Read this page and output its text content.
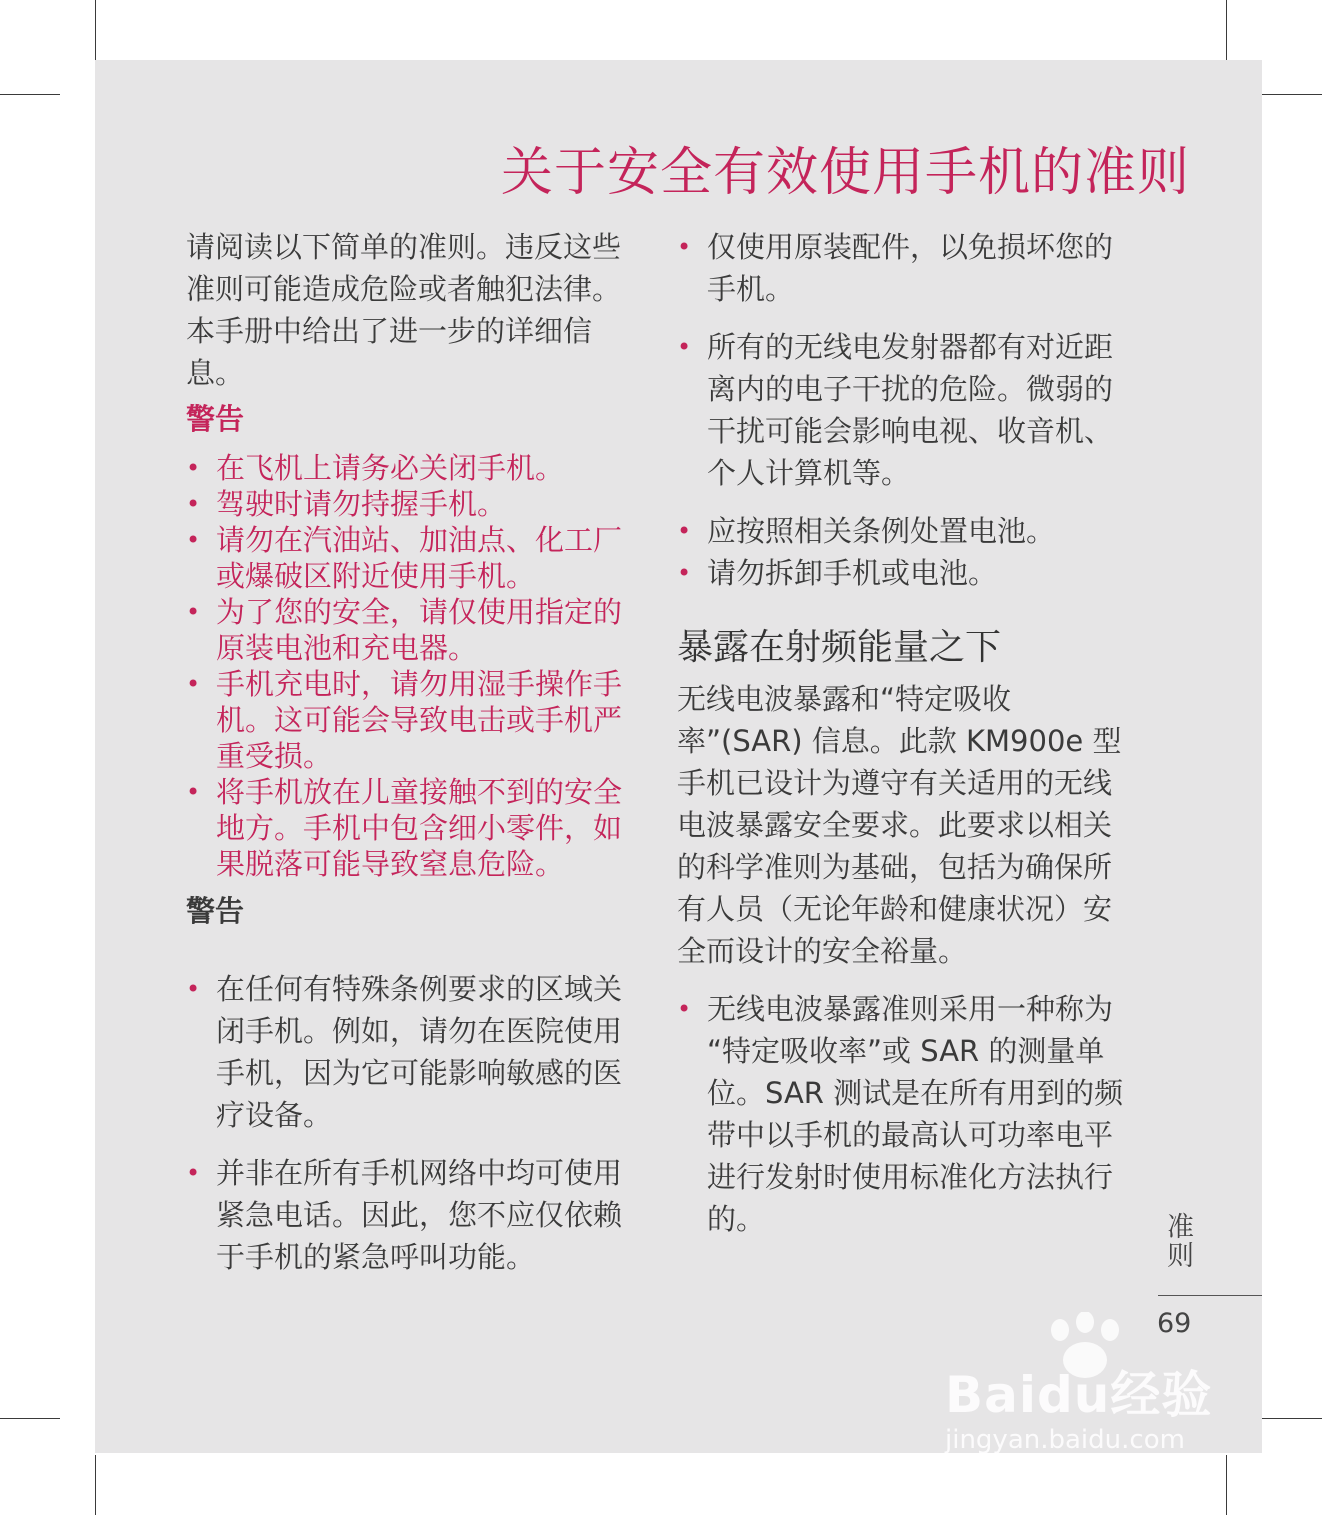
关于安全有效使用手机的准则

请阅读以下简单的准则。违反这些准则可能造成危险或者触犯法律。本手册中给出了进一步的详细信息。

警告

• 在飞机上请务必关闭手机。
• 驾驶时请勿持握手机。
• 请勿在汽油站、加油点、化工厂或爆破区附近使用手机。
• 为了您的安全，请仅使用指定的原装电池和充电器。
• 手机充电时，请勿用湿手操作手机。这可能会导致电击或手机严重受损。
• 将手机放在儿童接触不到的安全地方。手机中包含细小零件，如果脱落可能导致窒息危险。

警告

• 在任何有特殊条例要求的区域关闭手机。例如，请勿在医院使用手机，因为它可能影响敏感的医疗设备。
• 并非在所有手机网络中均可使用紧急电话。因此，您不应仅依赖于手机的紧急呼叫功能。
• 仅使用原装配件，以免损坏您的手机。
• 所有的无线电发射器都有对近距离内的电子干扰的危险。微弱的干扰可能会影响电视、收音机、个人计算机等。
• 应按照相关条例处置电池。
• 请勿拆卸手机或电池。

暴露在射频能量之下

无线电波暴露和“特定吸收率”(SAR) 信息。此款 KM900e 型手机已设计为遵守有关适用的无线电波暴露安全要求。此要求以相关的科学准则为基础，包括为确保所有人员（无论年龄和健康状况）安全而设计的安全裕量。

• 无线电波暴露准则采用一种称为 “特定吸收率”或 SAR 的测量单位。SAR 测试是在所有用到的频带中以手机的最高认可功率电平进行发射时使用标准化方法执行的。	准则
69
Baidu经验
jingyan.baidu.com
